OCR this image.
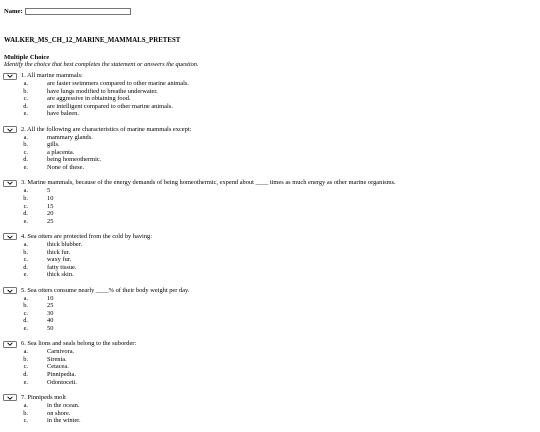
Name:
WALKER_MS_CH_12_MARINE_MAMMALS_PRETEST
Multiple Choice
Identify the choice that best completes the statement or answers the question.
1. All marine mammals:
a.	are faster swimmers compared to other marine animals.
b.	have lungs modified to breathe underwater.
c.	are aggressive in obtaining food.
d.	are intelligent compared to other marine animals.
e.	have baleen.
2. All the following are characteristics of marine mammals except:
a.	mammary glands.
b.	gills.
c.	a placenta.
d.	being homeothermic.
e.	None of these.
3. Marine mammals, because of the energy demands of being homeothermic, expend about ____ times as much energy as other marine organisms.
a.	5
b.	10
c.	15
d.	20
e.	25
4. Sea otters are protected from the cold by having:
a.	thick blubber.
b.	thick fur.
c.	waxy fur.
d.	fatty tissue.
e.	thick skin.
5. Sea otters consume nearly ____% of their body weight per day.
a.	10
b.	25
c.	30
d.	40
e.	50
6. Sea lions and seals belong to the suborder:
a.	Carnivora.
b.	Sirenia.
c.	Cetacea.
d.	Pinnipedia.
e.	Odontoceti.
7. Pinnipeds molt
a.	in the ocean.
b.	on shore.
c.	in the winter.
